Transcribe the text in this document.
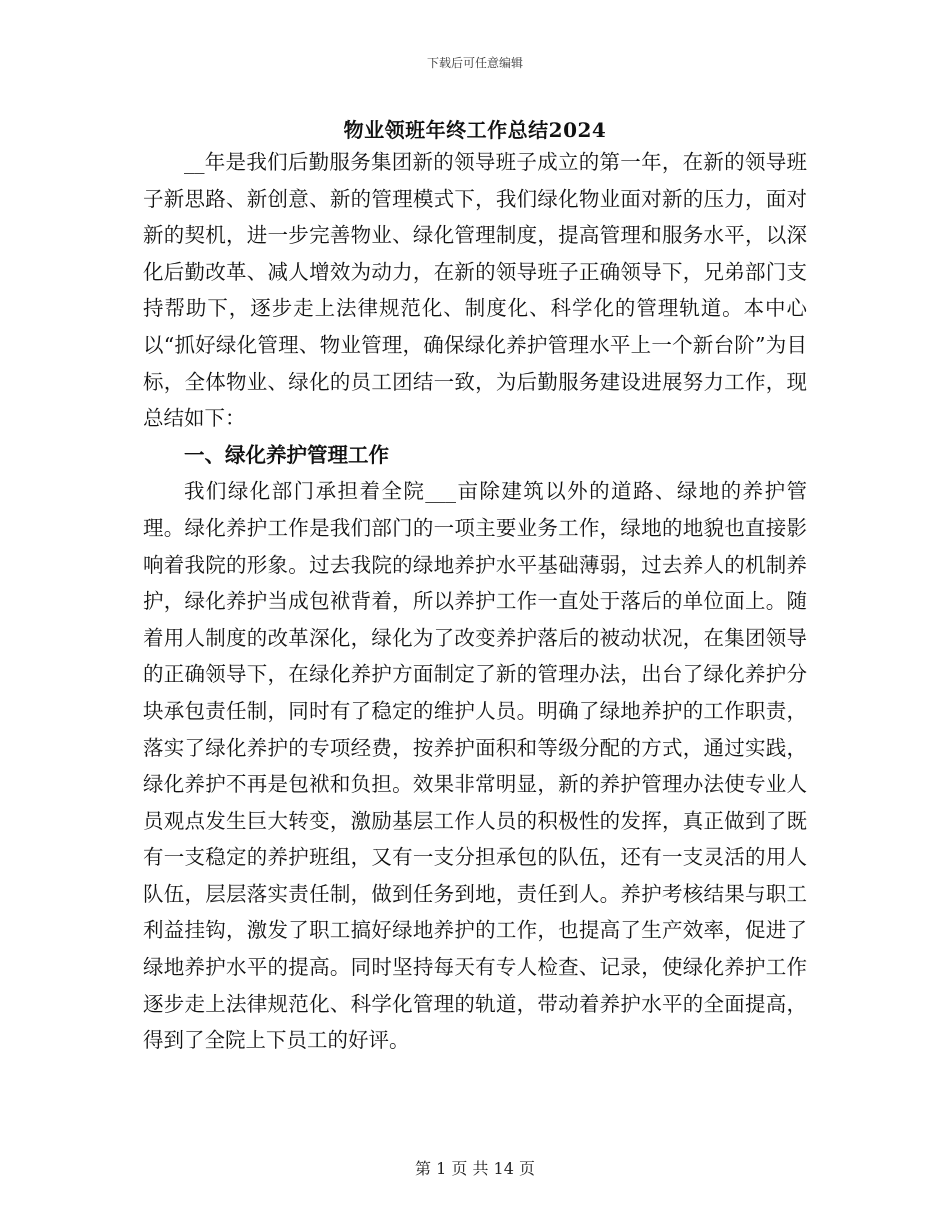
下载后可任意编辑
物业领班年终工作总结2024

__年是我们后勤服务集团新的领导班子成立的第一年，在新的领导班子新思路、新创意、新的管理模式下，我们绿化物业面对新的压力，面对新的契机，进一步完善物业、绿化管理制度，提高管理和服务水平，以深化后勤改革、减人增效为动力，在新的领导班子正确领导下，兄弟部门支持帮助下，逐步走上法律规范化、制度化、科学化的管理轨道。本中心以“抓好绿化管理、物业管理，确保绿化养护管理水平上一个新台阶”为目标，全体物业、绿化的员工团结一致，为后勤服务建设进展努力工作，现总结如下：

一、绿化养护管理工作

我们绿化部门承担着全院___亩除建筑以外的道路、绿地的养护管理。绿化养护工作是我们部门的一项主要业务工作，绿地的地貌也直接影响着我院的形象。过去我院的绿地养护水平基础薄弱，过去养人的机制养护，绿化养护当成包袱背着，所以养护工作一直处于落后的单位面上。随着用人制度的改革深化，绿化为了改变养护落后的被动状况，在集团领导的正确领导下，在绿化养护方面制定了新的管理办法，出台了绿化养护分块承包责任制，同时有了稳定的维护人员。明确了绿地养护的工作职责，落实了绿化养护的专项经费，按养护面积和等级分配的方式，通过实践，绿化养护不再是包袱和负担。效果非常明显，新的养护管理办法使专业人员观点发生巨大转变，激励基层工作人员的积极性的发挥，真正做到了既有一支稳定的养护班组，又有一支分担承包的队伍，还有一支灵活的用人队伍，层层落实责任制，做到任务到地，责任到人。养护考核结果与职工利益挂钩，激发了职工搞好绿地养护的工作，也提高了生产效率，促进了绿地养护水平的提高。同时坚持每天有专人检查、记录，使绿化养护工作逐步走上法律规范化、科学化管理的轨道，带动着养护水平的全面提高，得到了全院上下员工的好评。

第 1 页 共 14 页
